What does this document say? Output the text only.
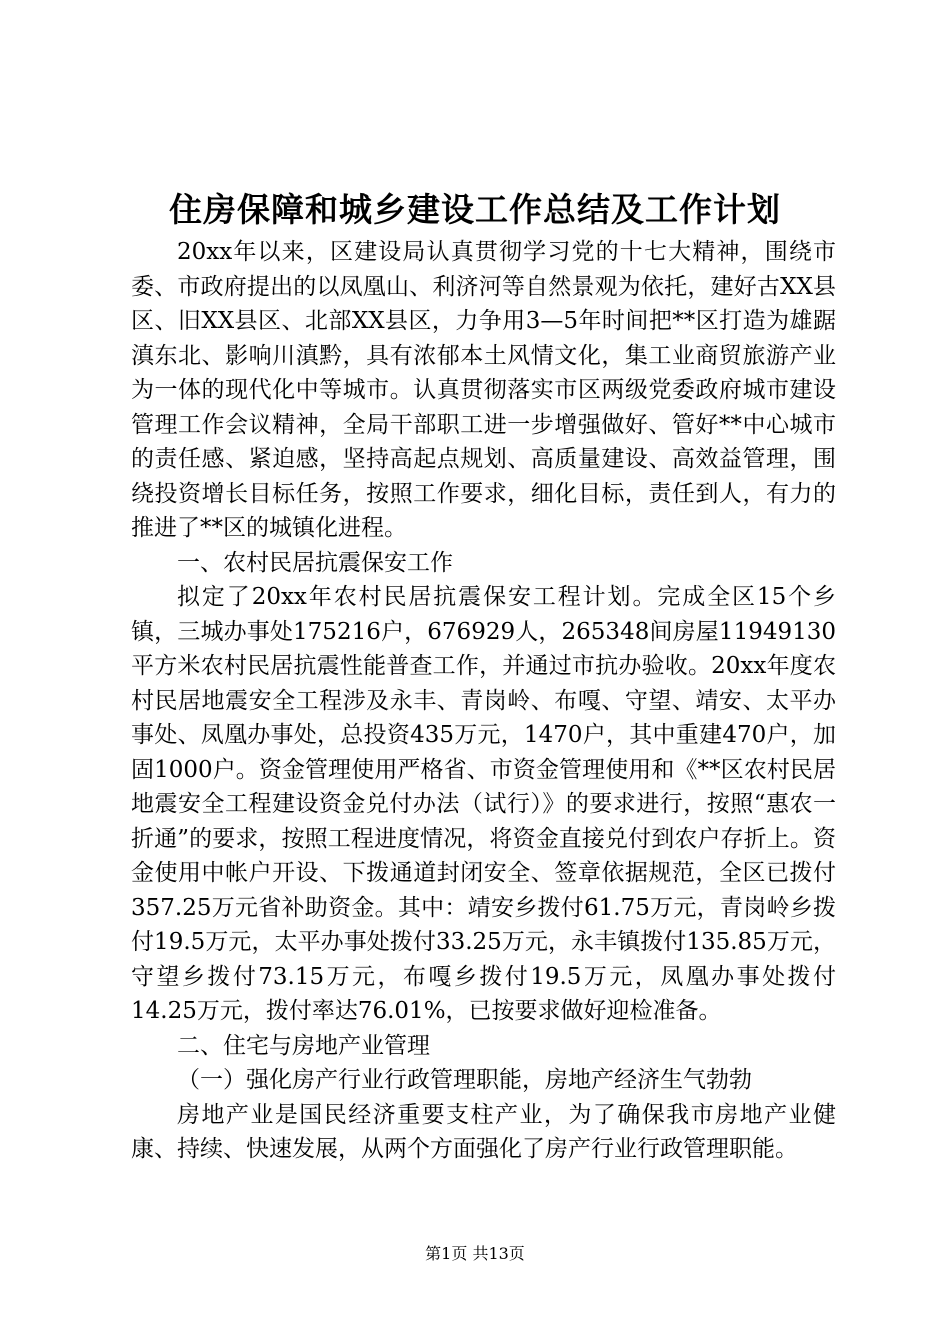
住房保障和城乡建设工作总结及工作计划

20xx年以来，区建设局认真贯彻学习党的十七大精神，围绕市委、市政府提出的以凤凰山、利济河等自然景观为依托，建好古XX县区、旧XX县区、北部XX县区，力争用3—5年时间把**区打造为雄踞滇东北、影响川滇黔，具有浓郁本土风情文化，集工业商贸旅游产业为一体的现代化中等城市。认真贯彻落实市区两级党委政府城市建设管理工作会议精神，全局干部职工进一步增强做好、管好**中心城市的责任感、紧迫感，坚持高起点规划、高质量建设、高效益管理，围绕投资增长目标任务，按照工作要求，细化目标，责任到人，有力的推进了**区的城镇化进程。

一、农村民居抗震保安工作

拟定了20xx年农村民居抗震保安工程计划。完成全区15个乡镇，三城办事处175216户，676929人，265348间房屋11949130平方米农村民居抗震性能普查工作，并通过市抗办验收。20xx年度农村民居地震安全工程涉及永丰、青岗岭、布嘎、守望、靖安、太平办事处、凤凰办事处，总投资435万元，1470户，其中重建470户，加固1000户。资金管理使用严格省、市资金管理使用和《**区农村民居地震安全工程建设资金兑付办法（试行）》的要求进行，按照“惠农一折通”的要求，按照工程进度情况，将资金直接兑付到农户存折上。资金使用中帐户开设、下拨通道封闭安全、签章依据规范，全区已拨付357.25万元省补助资金。其中：靖安乡拨付61.75万元，青岗岭乡拨付19.5万元，太平办事处拨付33.25万元，永丰镇拨付135.85万元，守望乡拨付73.15万元，布嘎乡拨付19.5万元，凤凰办事处拨付14.25万元，拨付率达76.01%，已按要求做好迎检准备。

二、住宅与房地产业管理

（一）强化房产行业行政管理职能，房地产经济生气勃勃

房地产业是国民经济重要支柱产业，为了确保我市房地产业健康、持续、快速发展，从两个方面强化了房产行业行政管理职能。

第1页 共13页
